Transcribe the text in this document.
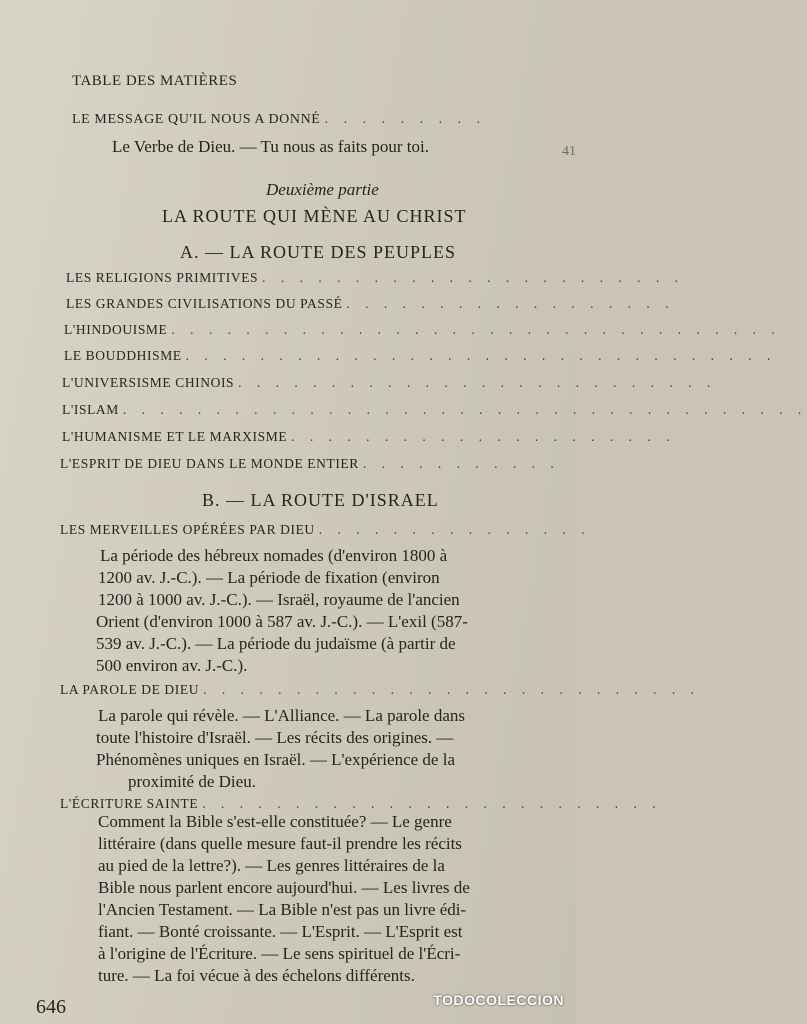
TABLE DES MATIÈRES
LE MESSAGE QU'IL NOUS A DONNÉ . . . . . . . . .
Le Verbe de Dieu. — Tu nous as faits pour toi.	41
Deuxième partie
LA ROUTE QUI MÈNE AU CHRIST
A. — LA ROUTE DES PEUPLES
LES RELIGIONS PRIMITIVES . . . . . . . . . . . . . . . . . . . . . . .
LES GRANDES CIVILISATIONS DU PASSÉ . . . . . . . . . . . . . . . . . .
L'HINDOUISME . . . . . . . . . . . . . . . . . . . . . . . . . . . . . . . . .
LE BOUDDHISME . . . . . . . . . . . . . . . . . . . . . . . . . . . . . . . .
L'UNIVERSISME CHINOIS . . . . . . . . . . . . . . . . . . . . . . . . . .
L'ISLAM . . . . . . . . . . . . . . . . . . . . . . . . . . . . . . . . . . . . .
L'HUMANISME ET LE MARXISME . . . . . . . . . . . . . . . . . . . . .
L'ESPRIT DE DIEU DANS LE MONDE ENTIER . . . . . . . . . . .
B. — LA ROUTE D'ISRAEL
LES MERVEILLES OPÉRÉES PAR DIEU . . . . . . . . . . . . . . .
La période des hébreux nomades (d'environ 1800 à
1200 av. J.-C.). — La période de fixation (environ
1200 à 1000 av. J.-C.). — Israël, royaume de l'ancien
Orient (d'environ 1000 à 587 av. J.-C.). — L'exil (587-
539 av. J.-C.). — La période du judaïsme (à partir de
500 environ av. J.-C.).
LA PAROLE DE DIEU . . . . . . . . . . . . . . . . . . . . . . . . . . .
La parole qui révèle. — L'Alliance. — La parole dans
toute l'histoire d'Israël. — Les récits des origines. —
Phénomènes uniques en Israël. — L'expérience de la
proximité de Dieu.
L'ÉCRITURE SAINTE . . . . . . . . . . . . . . . . . . . . . . . . .
Comment la Bible s'est-elle constituée? — Le genre
littéraire (dans quelle mesure faut-il prendre les récits
au pied de la lettre?). — Les genres littéraires de la
Bible nous parlent encore aujourd'hui. — Les livres de
l'Ancien Testament. — La Bible n'est pas un livre édi-
fiant. — Bonté croissante. — L'Esprit. — L'Esprit est
à l'origine de l'Écriture. — Le sens spirituel de l'Écri-
ture. — La foi vécue à des échelons différents.
646	TODOCOLECCION
